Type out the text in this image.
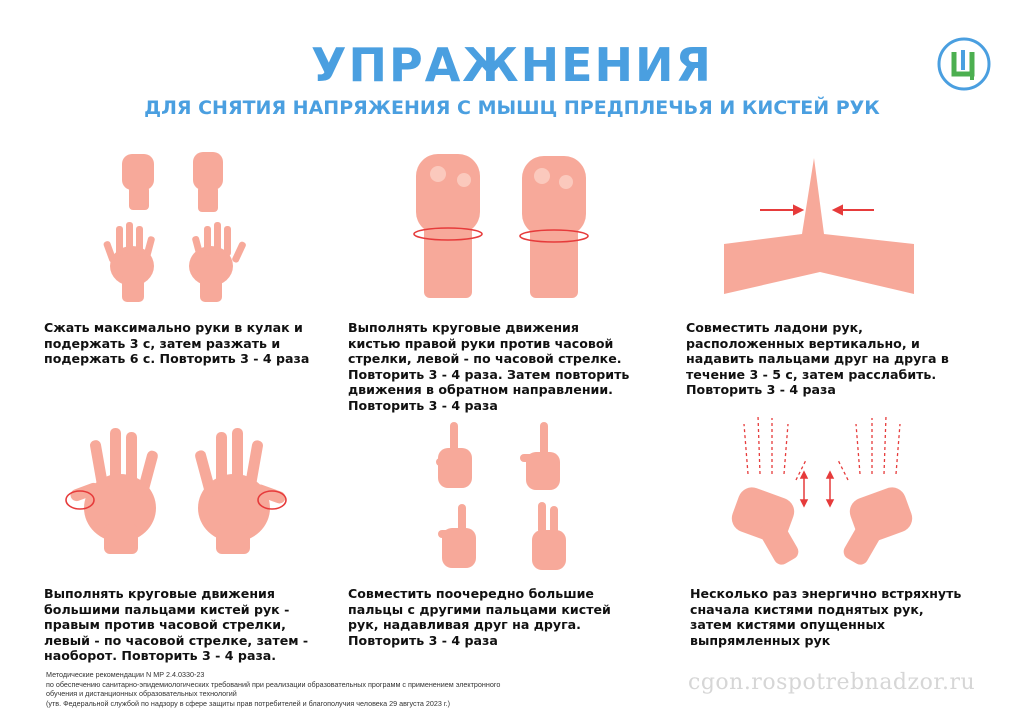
УПРАЖНЕНИЯ
ДЛЯ СНЯТИЯ НАПРЯЖЕНИЯ С МЫШЦ ПРЕДПЛЕЧЬЯ И КИСТЕЙ РУК
Сжать максимально руки в кулак и подержать 3 с, затем разжать и подержать 6 с. Повторить 3 - 4 раза
Выполнять круговые движения кистью правой руки против часовой стрелки, левой - по часовой стрелке. Повторить 3 - 4 раза. Затем повторить движения в обратном направлении. Повторить 3 - 4 раза
Совместить ладони рук, расположенных вертикально, и надавить пальцами друг на друга в течение 3 - 5 с, затем расслабить. Повторить 3 - 4 раза
Выполнять круговые движения большими пальцами кистей рук - правым против часовой стрелки, левый - по часовой стрелке, затем - наоборот. Повторить 3 - 4 раза.
Совместить поочередно большие пальцы с другими пальцами кистей рук, надавливая друг на друга. Повторить 3 - 4 раза
Несколько раз энергично встряхнуть сначала кистями поднятых рук, затем кистями опущенных выпрямленных рук
Методические рекомендации N МР 2.4.0330-23
по обеспечению санитарно-эпидемиологических требований при реализации образовательных программ с применением электронного
обучения и дистанционных образовательных технологий
(утв. Федеральной службой по надзору в сфере защиты прав потребителей и благополучия человека 29 августа 2023 г.)
cgon.rospotrebnadzor.ru
